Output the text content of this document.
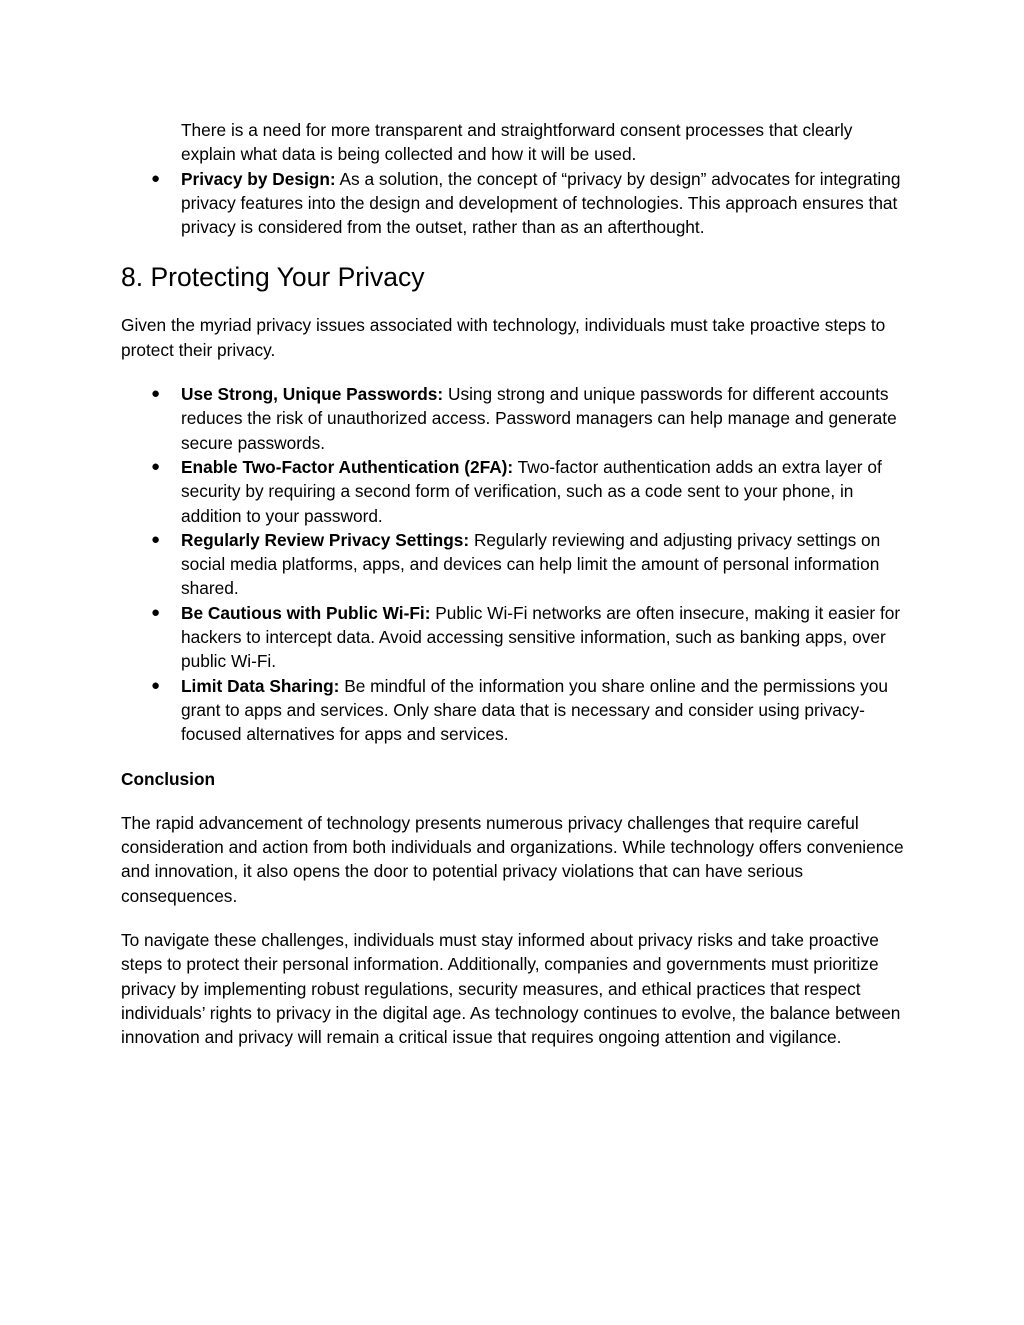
There is a need for more transparent and straightforward consent processes that clearly explain what data is being collected and how it will be used.

● Privacy by Design: As a solution, the concept of “privacy by design” advocates for integrating privacy features into the design and development of technologies. This approach ensures that privacy is considered from the outset, rather than as an afterthought.
8. Protecting Your Privacy

Given the myriad privacy issues associated with technology, individuals must take proactive steps to protect their privacy.

● Use Strong, Unique Passwords: Using strong and unique passwords for different accounts reduces the risk of unauthorized access. Password managers can help manage and generate secure passwords.
● Enable Two-Factor Authentication (2FA): Two-factor authentication adds an extra layer of security by requiring a second form of verification, such as a code sent to your phone, in addition to your password.
● Regularly Review Privacy Settings: Regularly reviewing and adjusting privacy settings on social media platforms, apps, and devices can help limit the amount of personal information shared.
● Be Cautious with Public Wi-Fi: Public Wi-Fi networks are often insecure, making it easier for hackers to intercept data. Avoid accessing sensitive information, such as banking apps, over public Wi-Fi.
● Limit Data Sharing: Be mindful of the information you share online and the permissions you grant to apps and services. Only share data that is necessary and consider using privacy-focused alternatives for apps and services.

Conclusion

The rapid advancement of technology presents numerous privacy challenges that require careful consideration and action from both individuals and organizations. While technology offers convenience and innovation, it also opens the door to potential privacy violations that can have serious consequences.

To navigate these challenges, individuals must stay informed about privacy risks and take proactive steps to protect their personal information. Additionally, companies and governments must prioritize privacy by implementing robust regulations, security measures, and ethical practices that respect individuals’ rights to privacy in the digital age. As technology continues to evolve, the balance between innovation and privacy will remain a critical issue that requires ongoing attention and vigilance.
